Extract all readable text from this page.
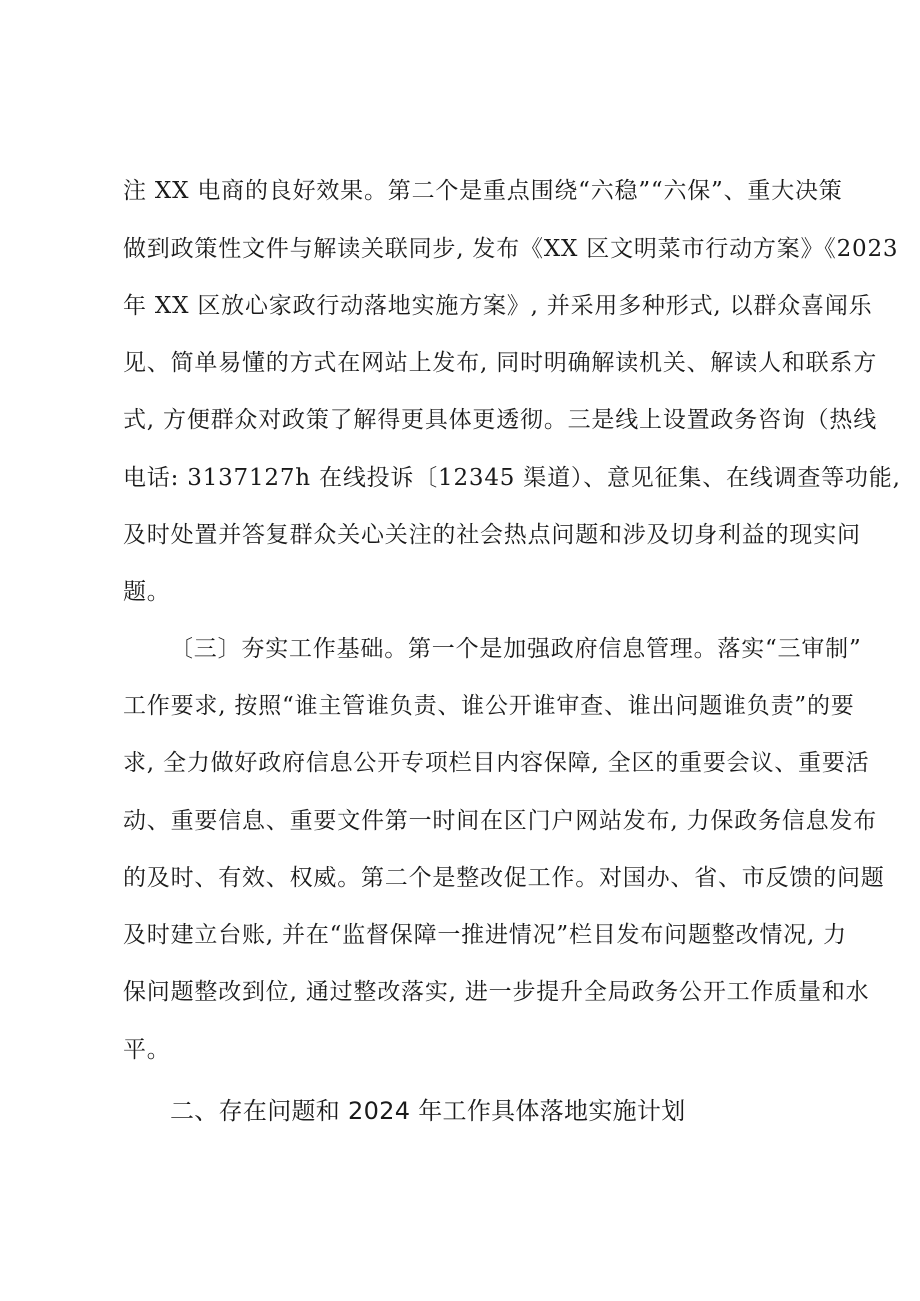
注 XX 电商的良好效果。第二个是重点围绕“六稳”“六保”、重大决策
做到政策性文件与解读关联同步, 发布《XX 区文明菜市行动方案》《2023
年 XX 区放心家政行动落地实施方案》, 并采用多种形式, 以群众喜闻乐
见、简单易懂的方式在网站上发布, 同时明确解读机关、解读人和联系方
式, 方便群众对政策了解得更具体更透彻。三是线上设置政务咨询（热线
电话: 3137127h 在线投诉〔12345 渠道）、意见征集、在线调查等功能,
及时处置并答复群众关心关注的社会热点问题和涉及切身利益的现实问
题。
〔三〕夯实工作基础。第一个是加强政府信息管理。落实“三审制”
工作要求, 按照“谁主管谁负责、谁公开谁审查、谁出问题谁负责”的要
求, 全力做好政府信息公开专项栏目内容保障, 全区的重要会议、重要活
动、重要信息、重要文件第一时间在区门户网站发布, 力保政务信息发布
的及时、有效、权威。第二个是整改促工作。对国办、省、市反馈的问题
及时建立台账, 并在“监督保障一推进情况”栏目发布问题整改情况, 力
保问题整改到位, 通过整改落实, 进一步提升全局政务公开工作质量和水
平。
二、存在问题和 2024 年工作具体落地实施计划
